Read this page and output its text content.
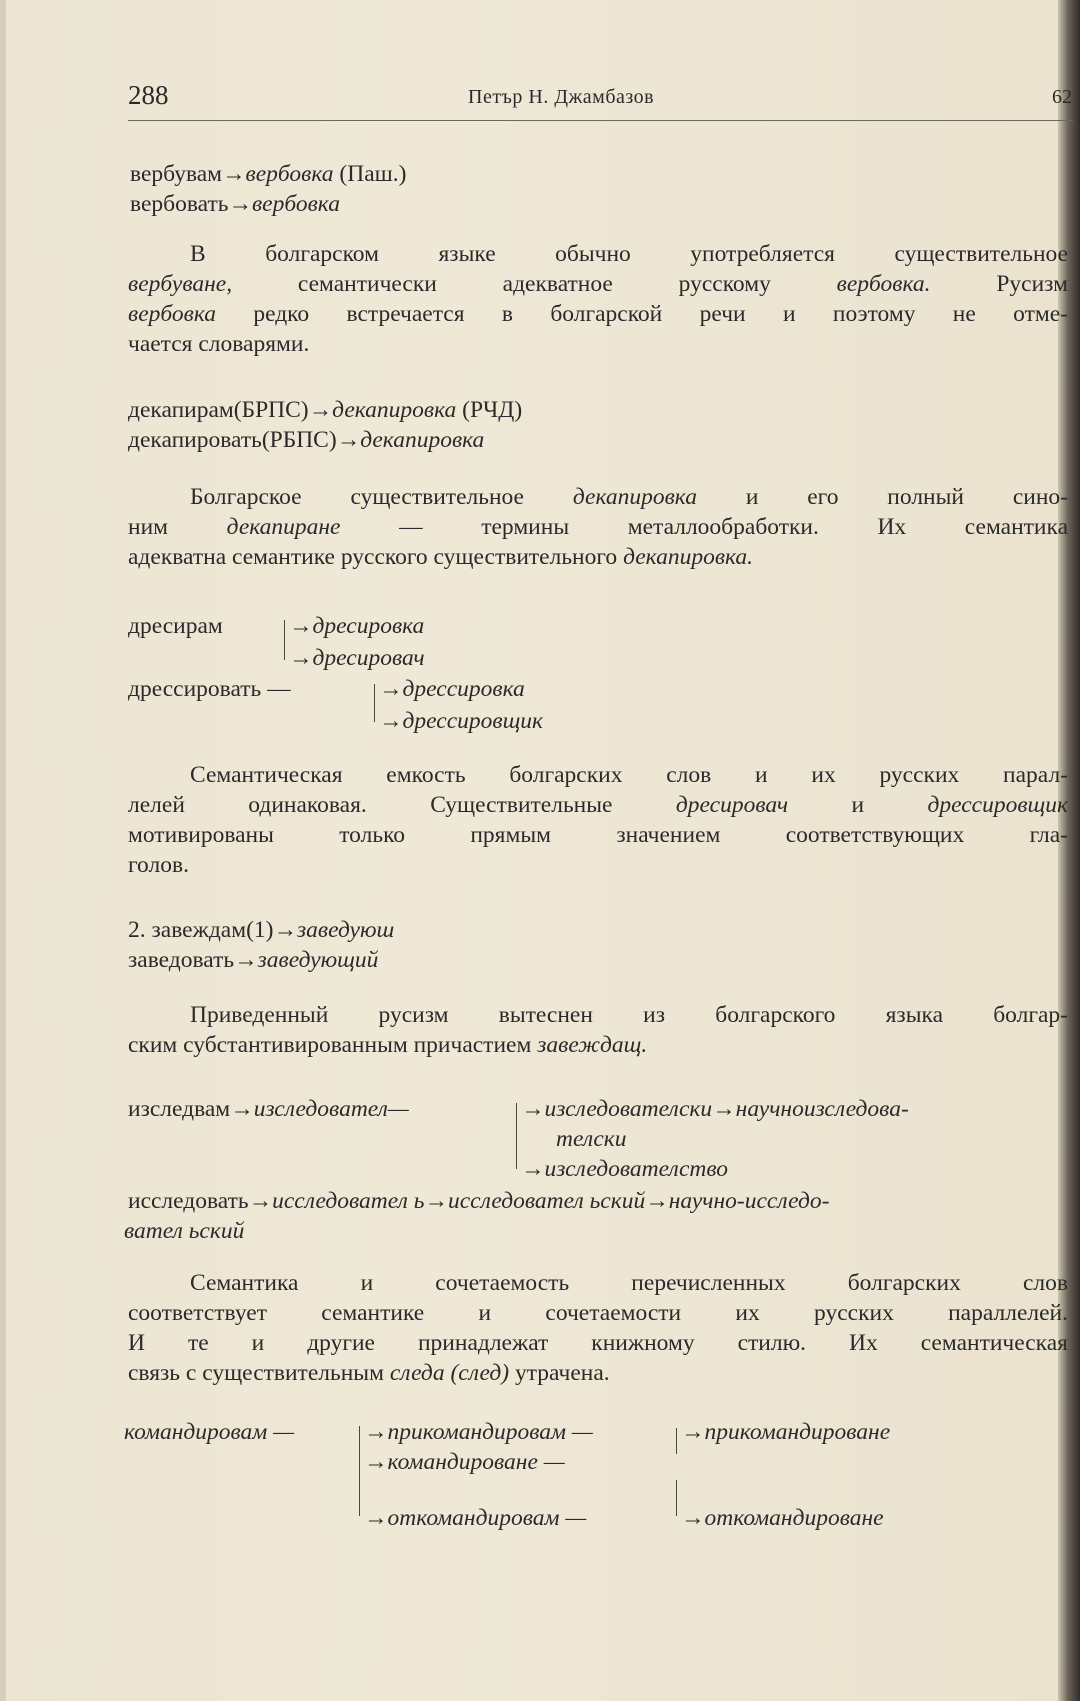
288	Петър Н. Джамбазов	62
вербувам→вербовка (Паш.)
вербовать→вербовка
В болгарском языке обычно употребляется существительное
вербуване,	семантически адекватное русскому	вербовка.	Русизм
вербовка редко встречается в болгарской речи и поэтому не отме-
чается словарями.
декапирам(БРПС)→декапировка (РЧД)
декапировать(РБПС)→декапировка
Болгарское существительное декапировка и его полный сино-
ним декапиране — термины металлообработки. Их семантика
адекватна семантике русского существительного декапировка.
дресирам	→дресировка
→дресировач
дрессировать —	→дрессировка
→дрессировщик
Семантическая емкость болгарских слов и их русских парал-
лелей одинаковая. Существительные	дресировач	и	дрессировщик
мотивированы только прямым значением соответствующих гла-
голов.
2. завеждам(1)→заведуюш
заведовать→заведующий
Приведенный русизм вытеснен из болгарского языка болгар-
ским субстантивированным причастием завеждащ.
изследвам→изследовател—	→изследователски→научноизследова-
телски
→изследователство
исследовать→исследовател ь→исследовател ьский→научно-исследо-
вател ьский
Семантика и сочетаемость перечисленных болгарских слов
соответствует семантике и сочетаемости их русских параллелей.
И те и другие принадлежат книжному стилю. Их семантическая
связь с существительным следа (след) утрачена.
командировам —	→прикомандировам —	→прикомандироване
→командироване —
→откомандировам —	→откомандироване
